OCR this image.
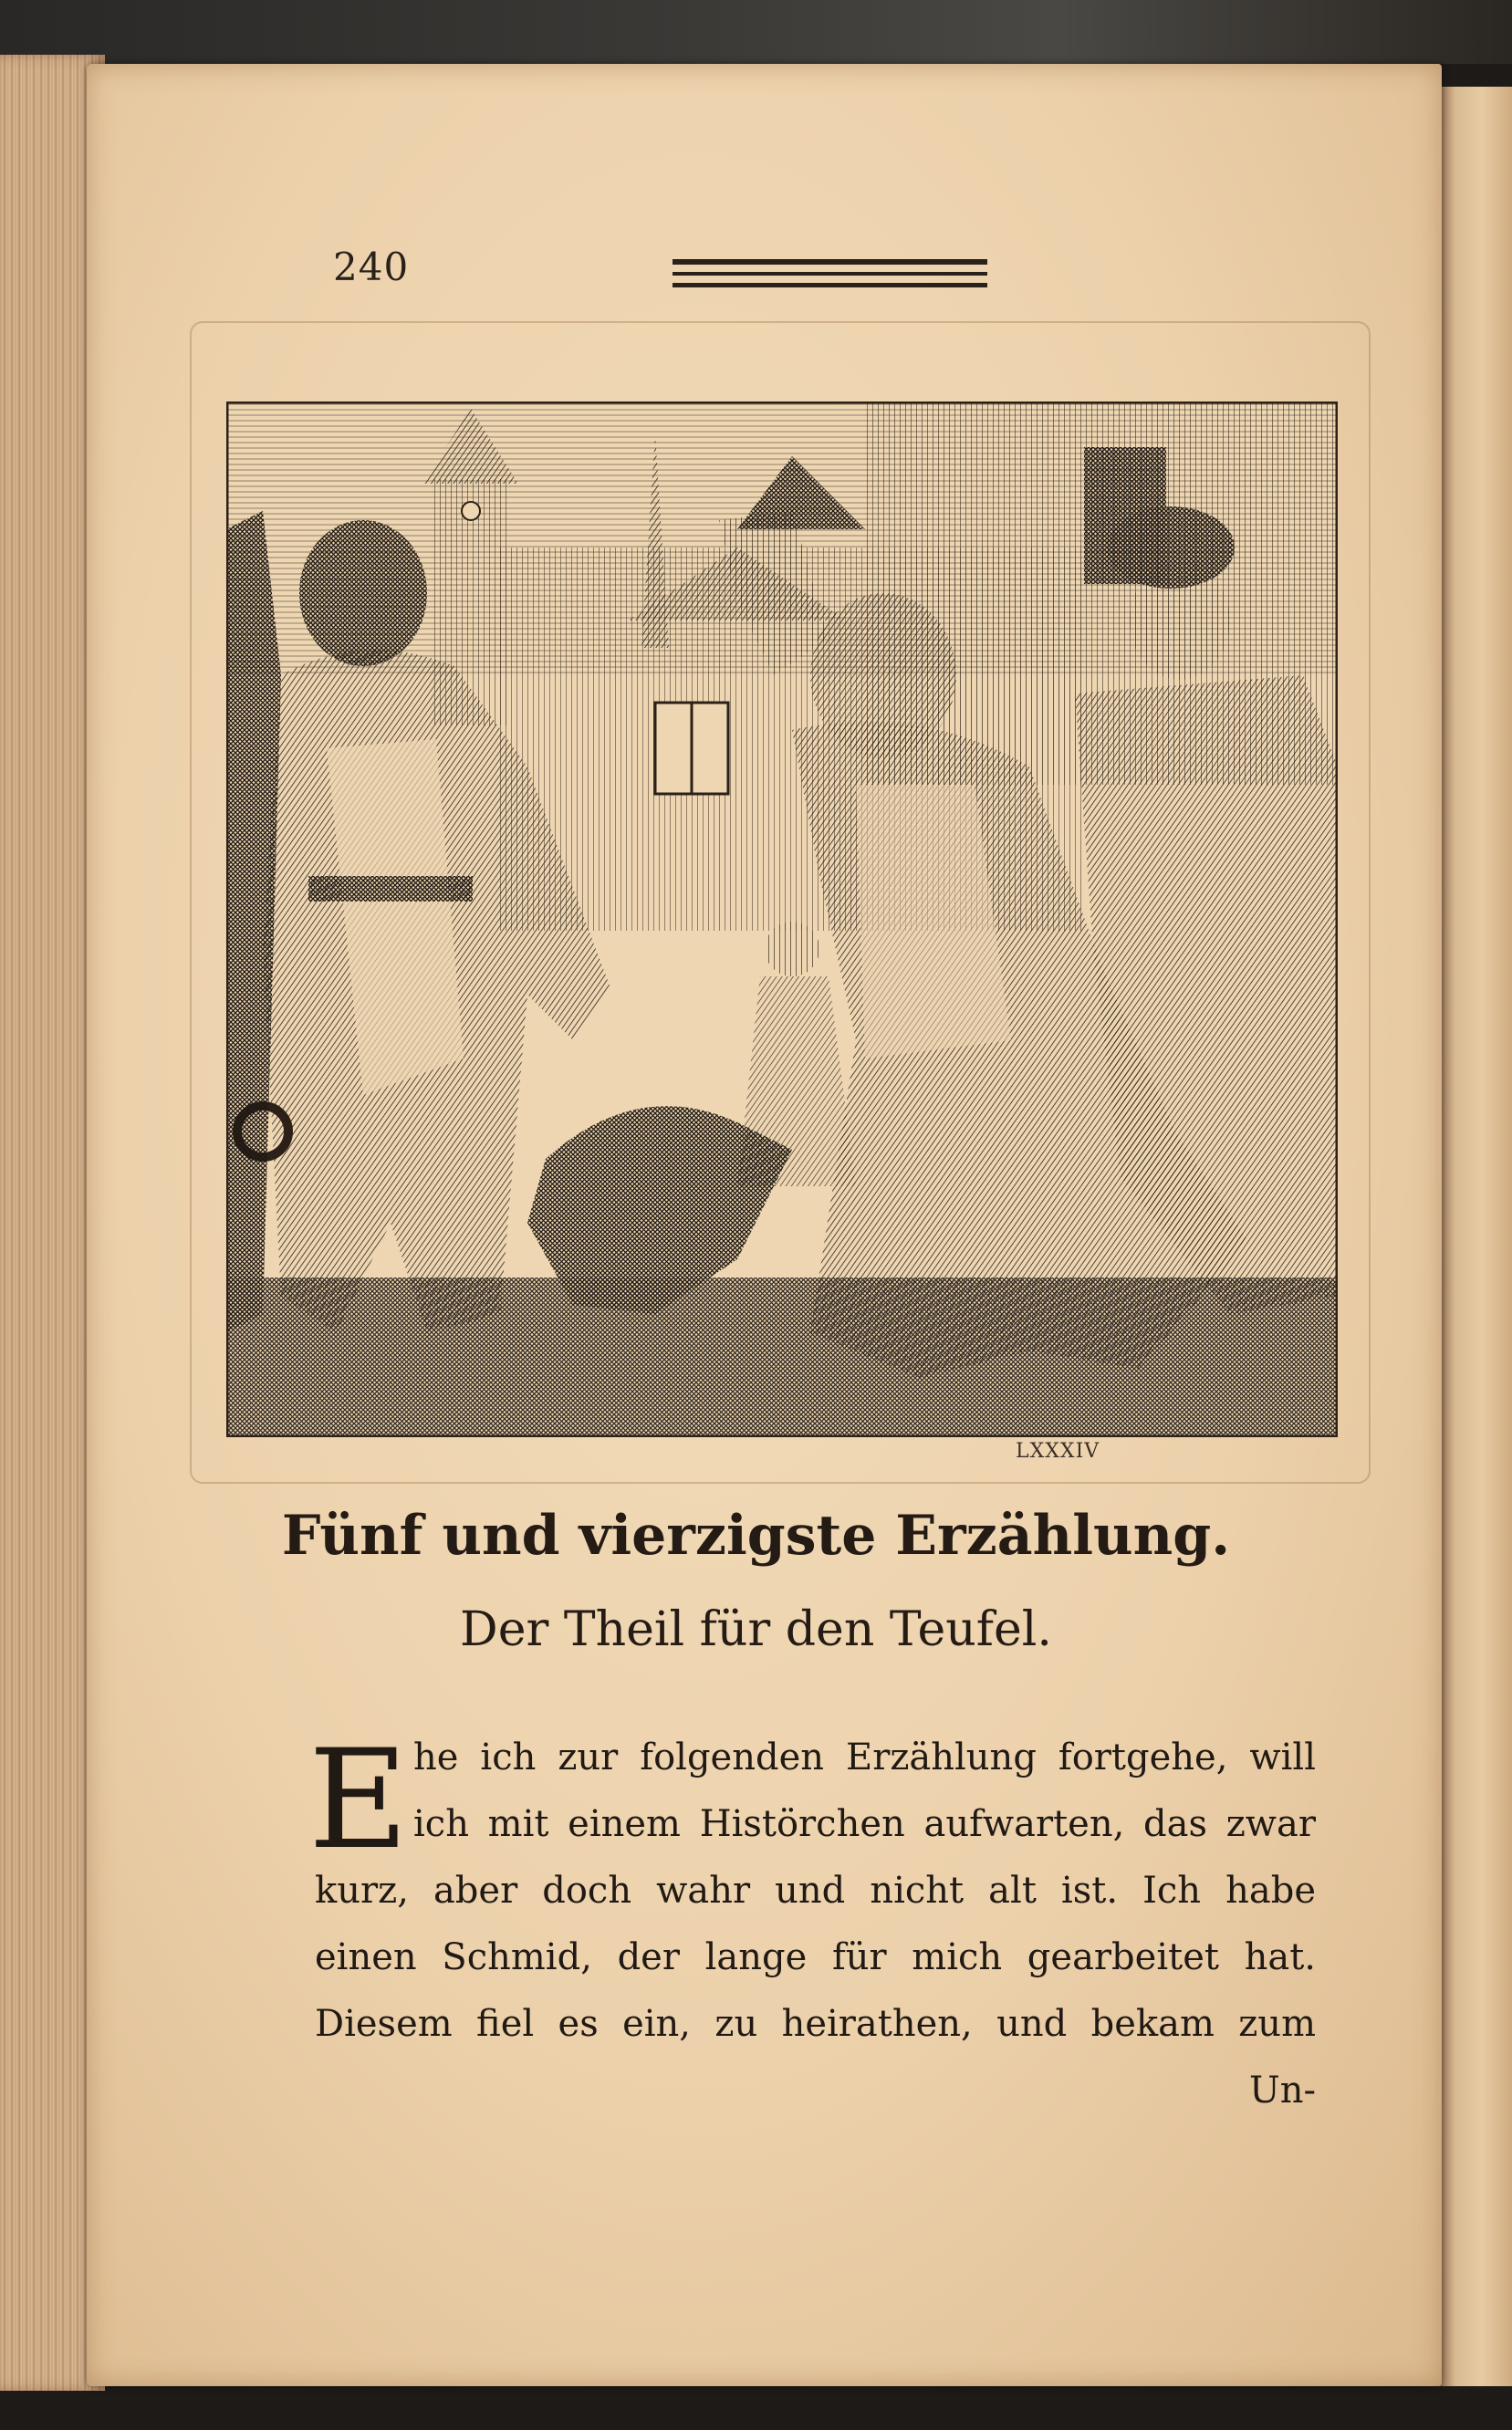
240
LXXXIV
Fünf und vierzigste Erzählung.
Der Theil für den Teufel.
E he ich zur folgenden Erzählung fortgehe, will
ich mit einem Histörchen aufwarten, das zwar
kurz, aber doch wahr und nicht alt ist. Ich habe
einen Schmid, der lange für mich gearbeitet hat.
Diesem fiel es ein, zu heirathen, und bekam zum
Un-
